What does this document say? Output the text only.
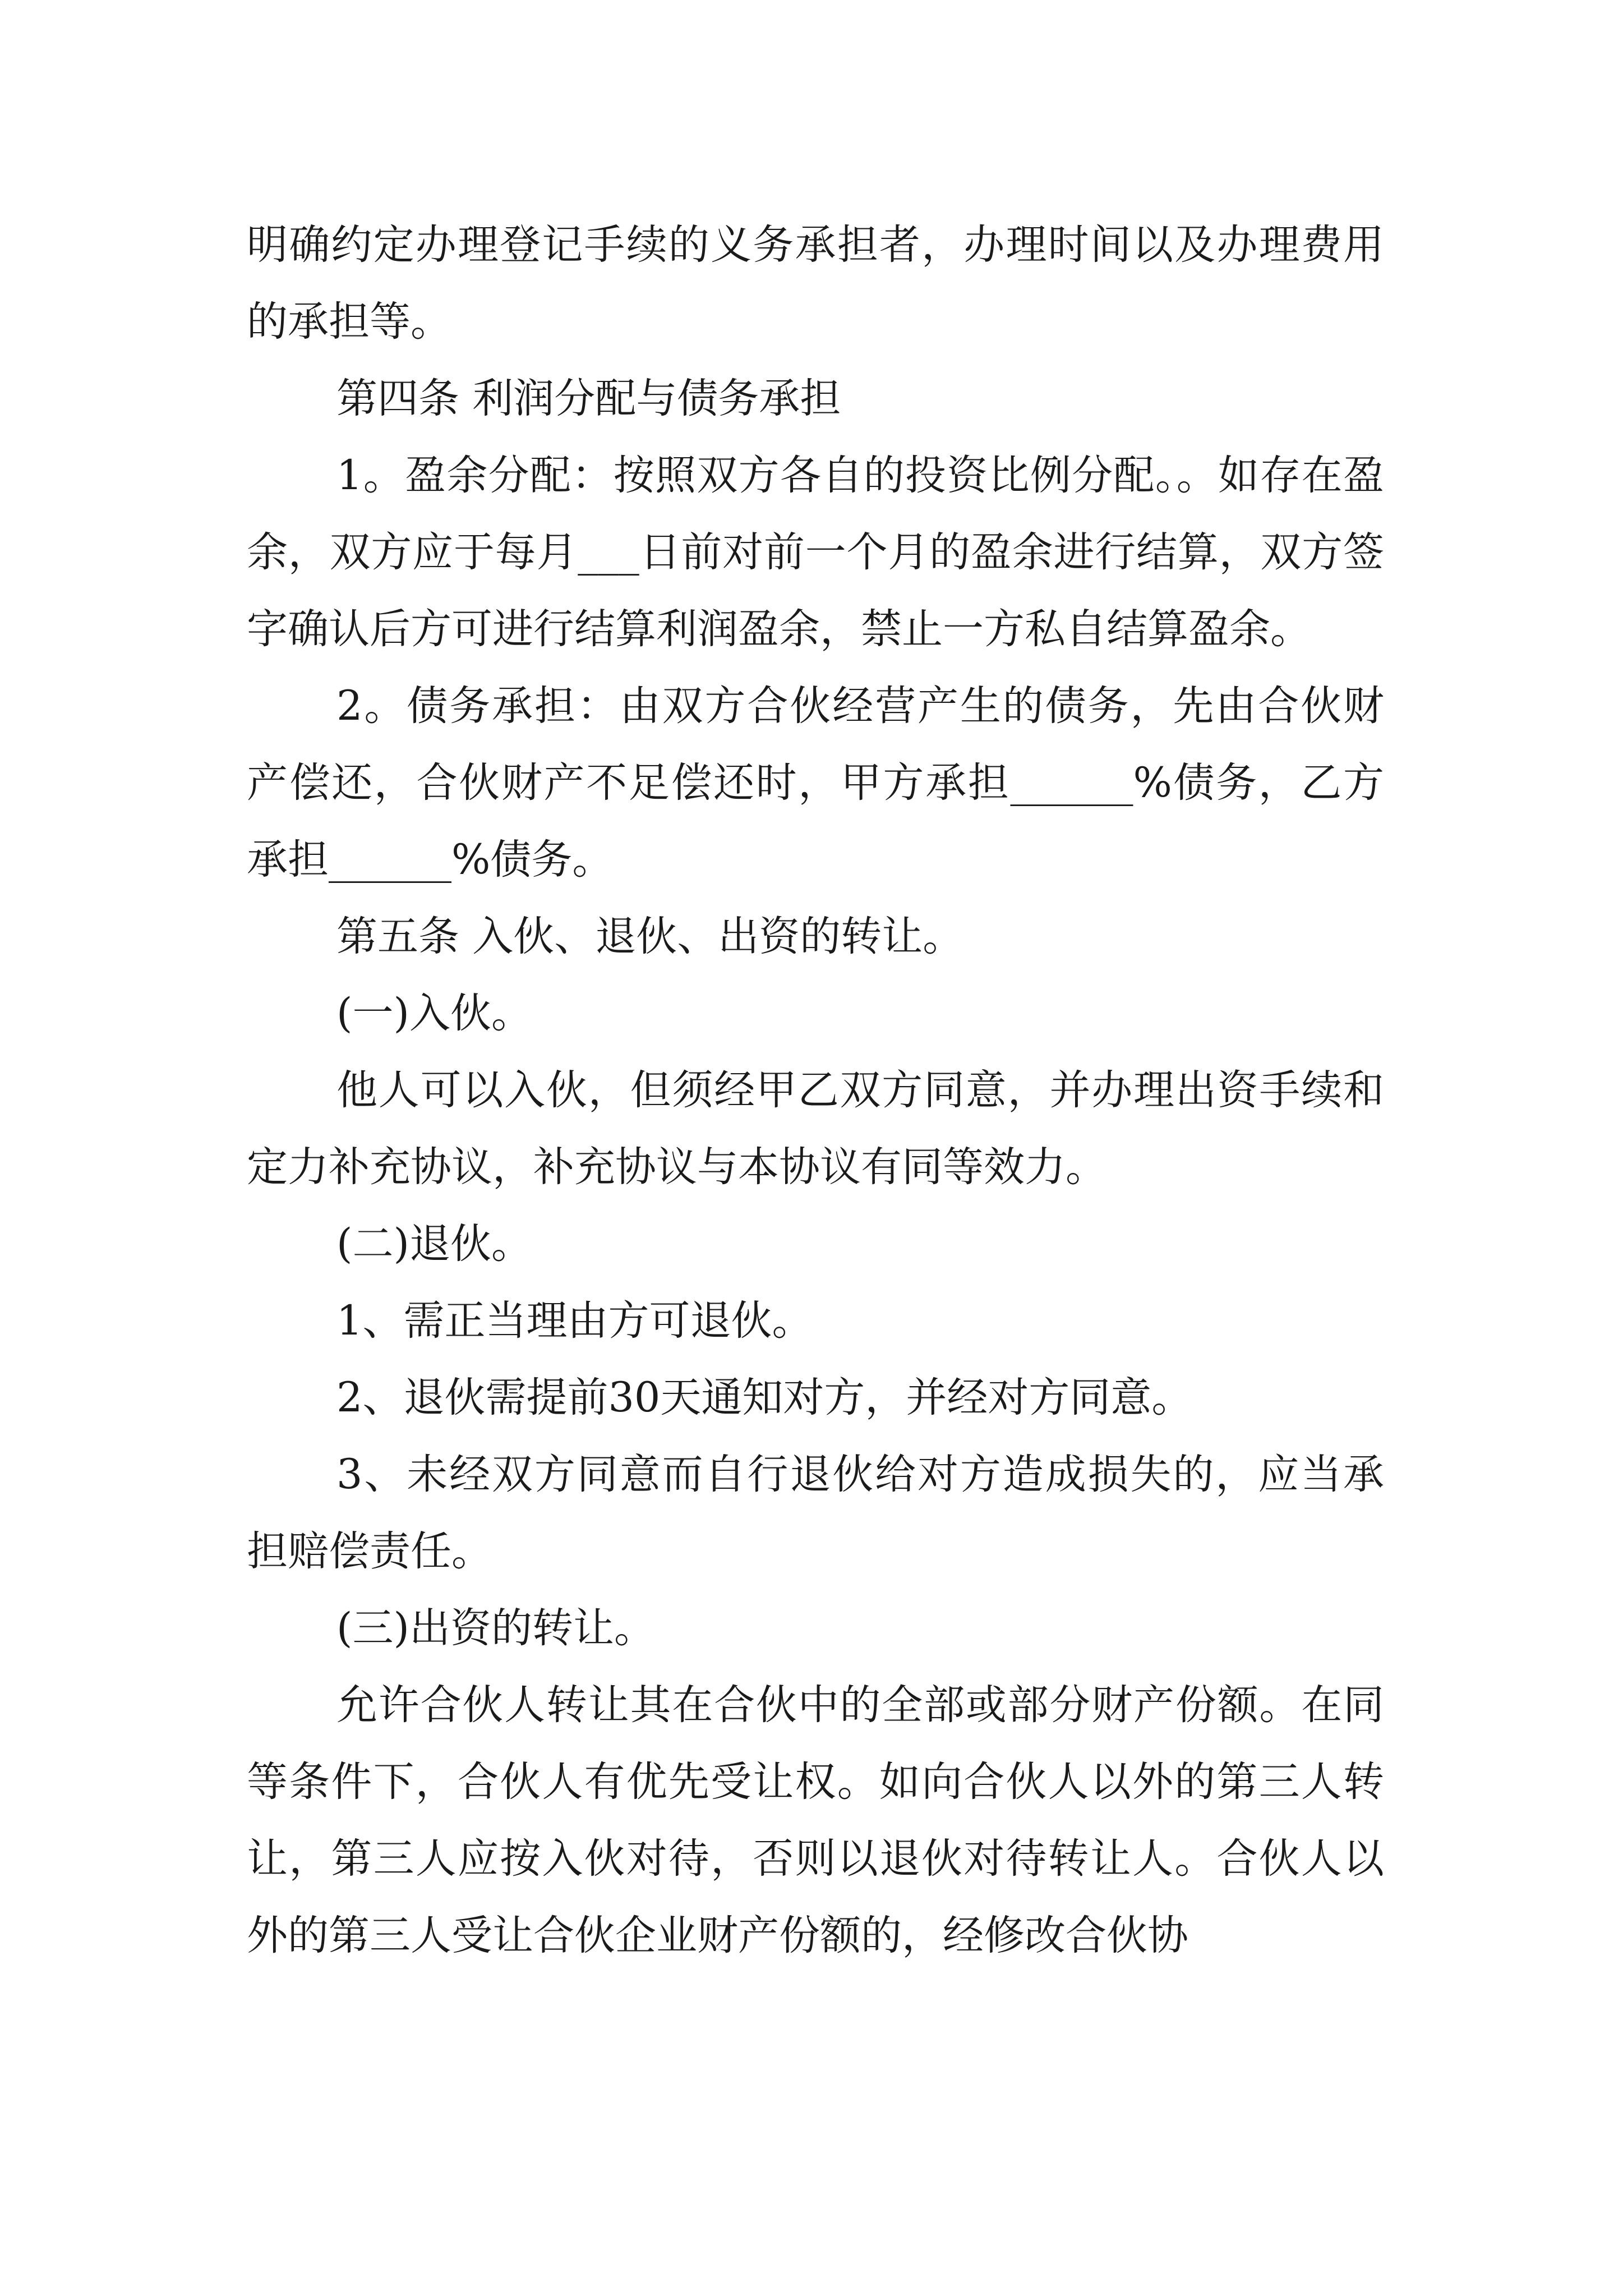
明确约定办理登记手续的义务承担者，办理时间以及办理费用的承担等。

第四条 利润分配与债务承担

1。盈余分配：按照双方各自的投资比例分配。。如存在盈余，双方应于每月___日前对前一个月的盈余进行结算，双方签字确认后方可进行结算利润盈余，禁止一方私自结算盈余。

2。债务承担：由双方合伙经营产生的债务，先由合伙财产偿还，合伙财产不足偿还时，甲方承担______%债务，乙方承担______%债务。

第五条 入伙、退伙、出资的转让。

(一)入伙。

他人可以入伙，但须经甲乙双方同意，并办理出资手续和定力补充协议，补充协议与本协议有同等效力。

(二)退伙。

1、需正当理由方可退伙。

2、退伙需提前30天通知对方，并经对方同意。

3、未经双方同意而自行退伙给对方造成损失的，应当承担赔偿责任。

(三)出资的转让。

允许合伙人转让其在合伙中的全部或部分财产份额。在同等条件下，合伙人有优先受让权。如向合伙人以外的第三人转让，第三人应按入伙对待，否则以退伙对待转让人。合伙人以外的第三人受让合伙企业财产份额的，经修改合伙协
